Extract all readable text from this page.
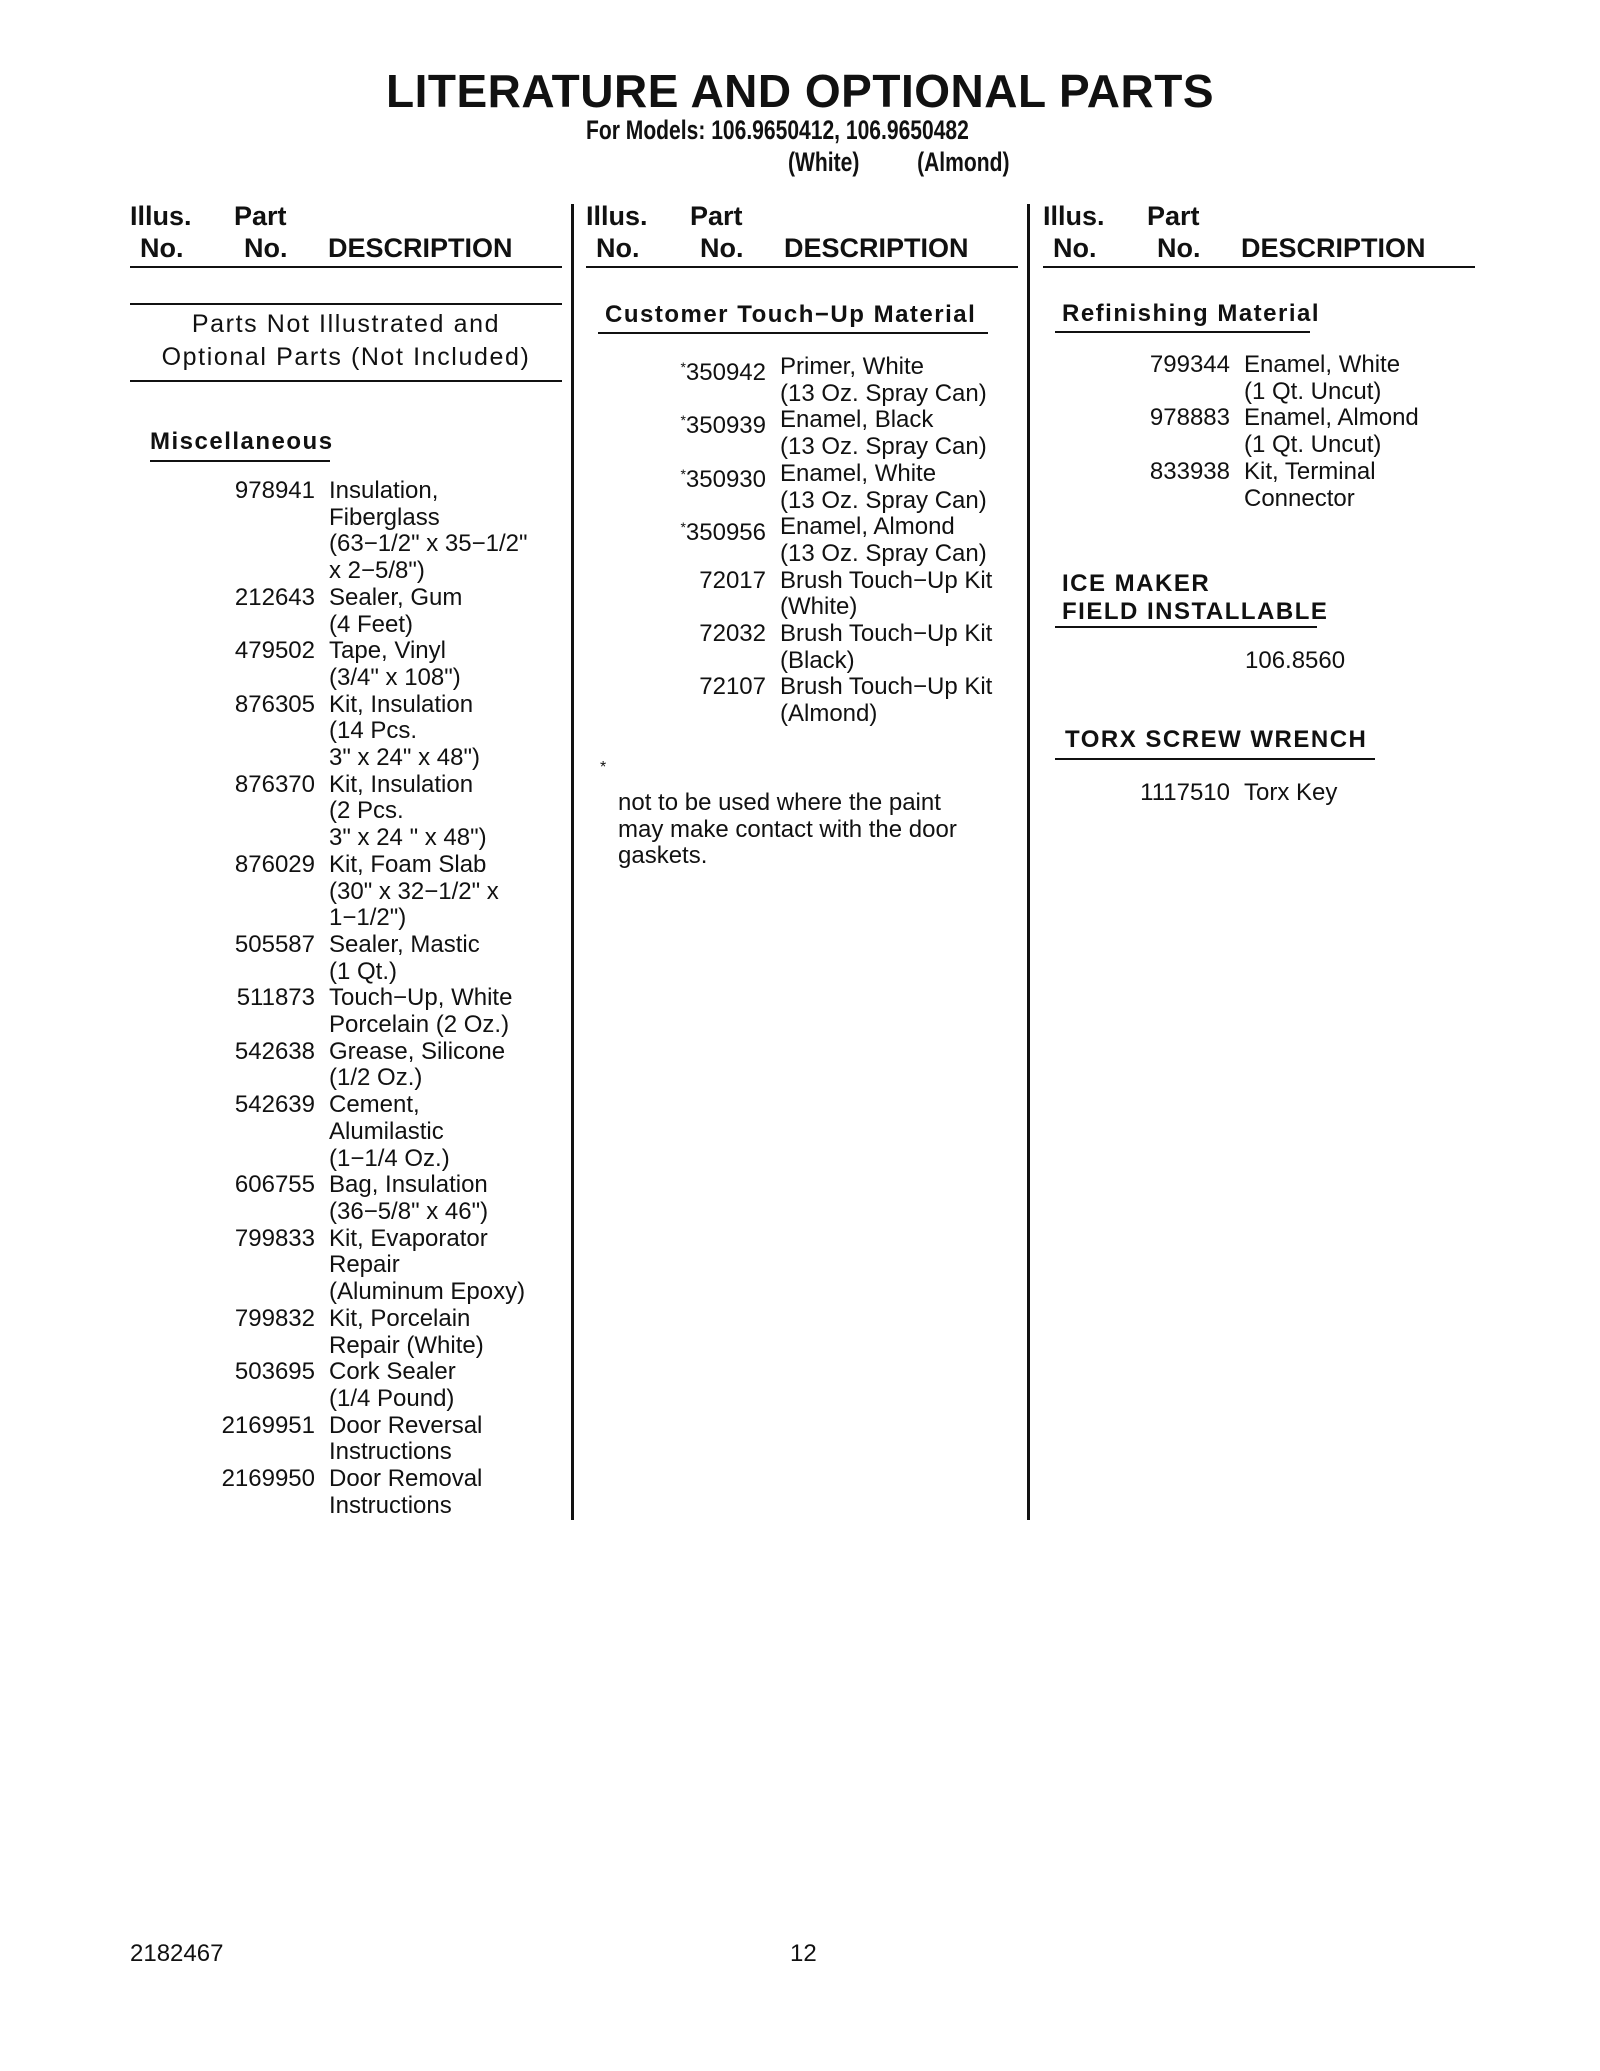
LITERATURE AND OPTIONAL PARTS
For Models: 106.9650412, 106.9650482
(White) (Almond)
Illus. Part
No. No. DESCRIPTION
Illus. Part
No. No. DESCRIPTION
Illus. Part
No. No. DESCRIPTION
Parts Not Illustrated and
Optional Parts (Not Included)
Miscellaneous
978941 Insulation,
Fiberglass
(63−1/2" x 35−1/2"
x 2−5/8")
212643 Sealer, Gum
(4 Feet)
479502 Tape, Vinyl
(3/4" x 108")
876305 Kit, Insulation
(14 Pcs.
3" x 24" x 48")
876370 Kit, Insulation
(2 Pcs.
3" x 24 " x 48")
876029 Kit, Foam Slab
(30" x 32−1/2" x
1−1/2")
505587 Sealer, Mastic
(1 Qt.)
511873 Touch−Up, White
Porcelain (2 Oz.)
542638 Grease, Silicone
(1/2 Oz.)
542639 Cement,
Alumilastic
(1−1/4 Oz.)
606755 Bag, Insulation
(36−5/8" x 46")
799833 Kit, Evaporator
Repair
(Aluminum Epoxy)
799832 Kit, Porcelain
Repair (White)
503695 Cork Sealer
(1/4 Pound)
2169951 Door Reversal
Instructions
2169950 Door Removal
Instructions
Customer Touch−Up Material
*350942 Primer, White
(13 Oz. Spray Can)
*350939 Enamel, Black
(13 Oz. Spray Can)
*350930 Enamel, White
(13 Oz. Spray Can)
*350956 Enamel, Almond
(13 Oz. Spray Can)
72017 Brush Touch−Up Kit
(White)
72032 Brush Touch−Up Kit
(Black)
72107 Brush Touch−Up Kit
(Almond)
*
not to be used where the paint
may make contact with the door
gaskets.
Refinishing Material
799344 Enamel, White
(1 Qt. Uncut)
978883 Enamel, Almond
(1 Qt. Uncut)
833938 Kit, Terminal
Connector
ICE MAKER
FIELD INSTALLABLE
106.8560
TORX SCREW WRENCH
1117510 Torx Key
2182467	12
